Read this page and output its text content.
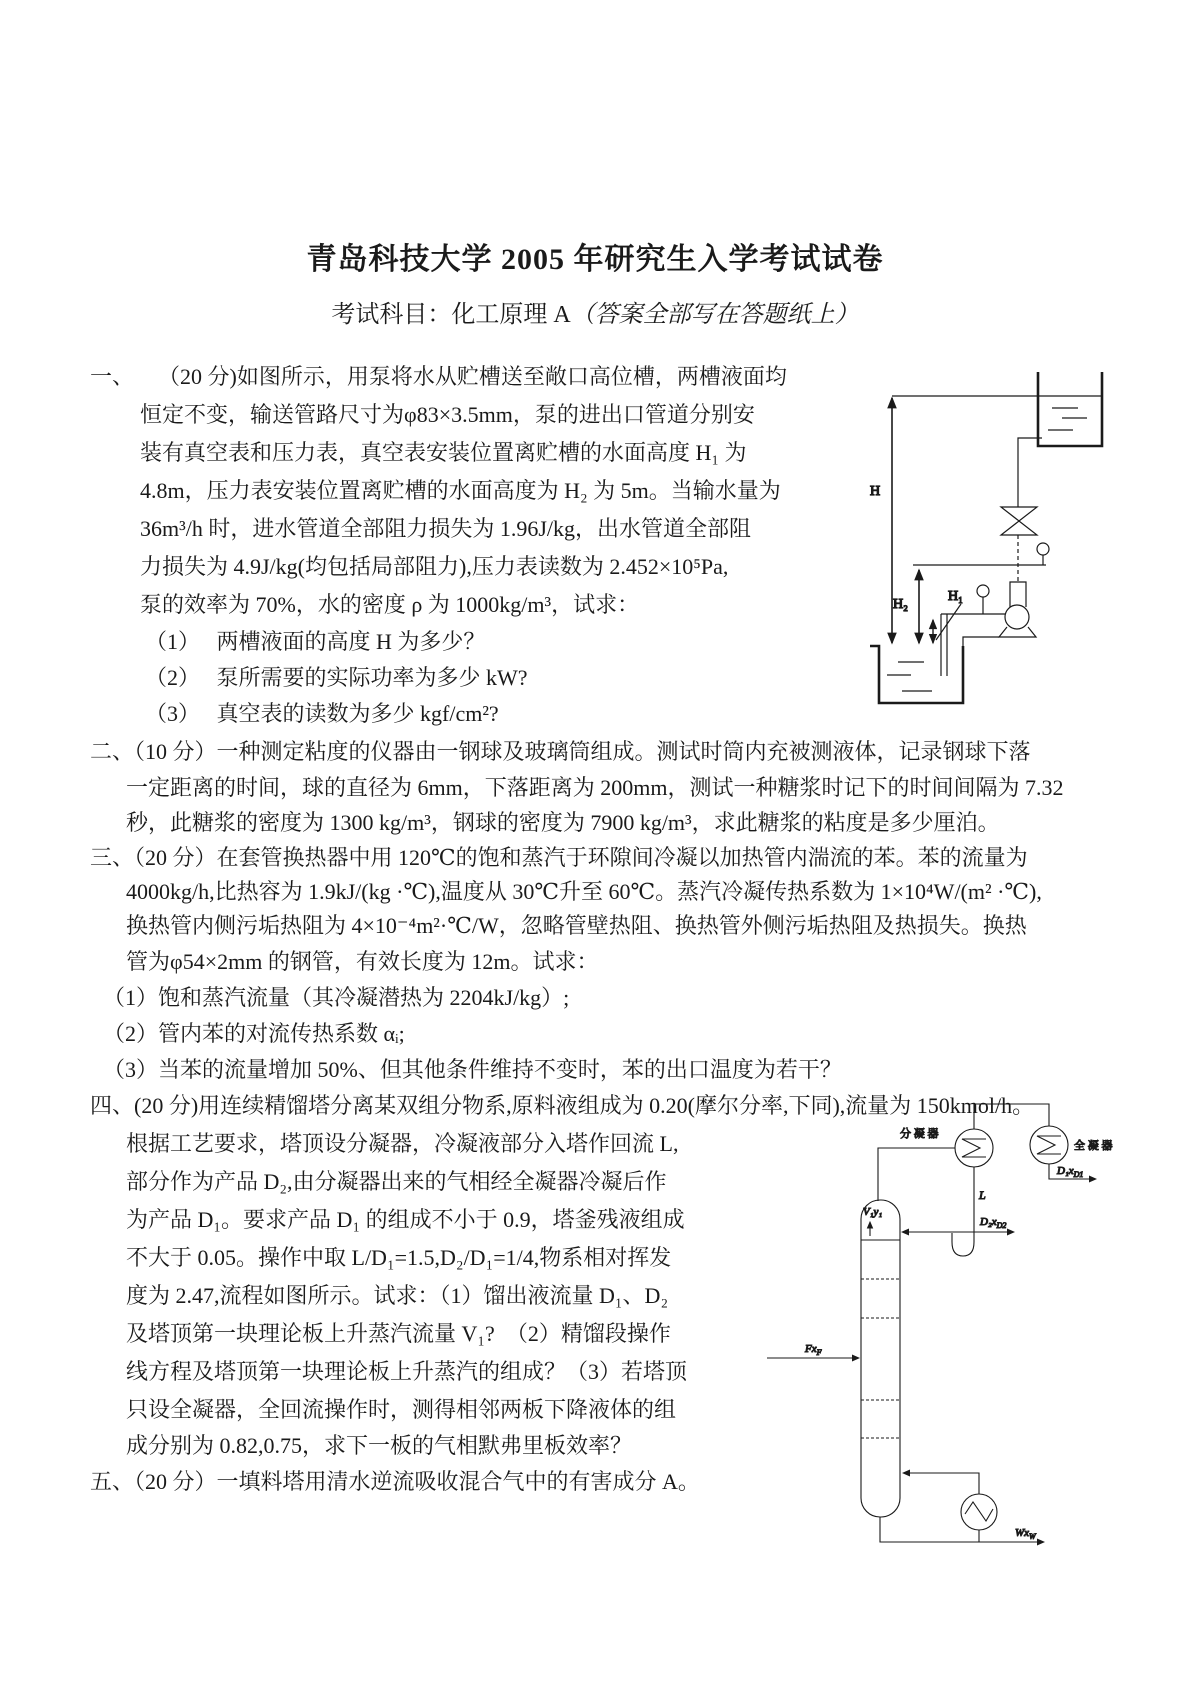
青岛科技大学 2005 年研究生入学考试试卷
考试科目：化工原理 A（答案全部写在答题纸上）
一、 （20 分)如图所示，用泵将水从贮槽送至敞口高位槽，两槽液面均
恒定不变，输送管路尺寸为φ83×3.5mm，泵的进出口管道分别安
装有真空表和压力表，真空表安装位置离贮槽的水面高度 H₁ 为
4.8m，压力表安装位置离贮槽的水面高度为 H₂ 为 5m。当输水量为
36m³/h 时，进水管道全部阻力损失为 1.96J/kg，出水管道全部阻
力损失为 4.9J/kg(均包括局部阻力),压力表读数为 2.452×10⁵Pa,
泵的效率为 70%，水的密度 ρ 为 1000kg/m³，试求：
（1）　 两槽液面的高度 H 为多少？
（2）　 泵所需要的实际功率为多少 kW?
（3）　 真空表的读数为多少 kgf/cm²?
二、（10 分）一种测定粘度的仪器由一钢球及玻璃筒组成。测试时筒内充被测液体，记录钢球下落
一定距离的时间，球的直径为 6mm，下落距离为 200mm，测试一种糖浆时记下的时间间隔为 7.32
秒，此糖浆的密度为 1300 kg/m³，钢球的密度为 7900 kg/m³，求此糖浆的粘度是多少厘泊。
三、（20 分）在套管换热器中用 120℃的饱和蒸汽于环隙间冷凝以加热管内湍流的苯。苯的流量为
4000kg/h,比热容为 1.9kJ/(kg ·℃),温度从 30℃升至 60℃。蒸汽冷凝传热系数为 1×10⁴W/(m² ·℃),
换热管内侧污垢热阻为 4×10⁻⁴m²·℃/W，忽略管壁热阻、换热管外侧污垢热阻及热损失。换热
管为φ54×2mm 的钢管，有效长度为 12m。试求：
（1）饱和蒸汽流量（其冷凝潜热为 2204kJ/kg）;
（2）管内苯的对流传热系数 αᵢ;
（3）当苯的流量增加 50%、但其他条件维持不变时，苯的出口温度为若干？
四、(20 分)用连续精馏塔分离某双组分物系,原料液组成为 0.20(摩尔分率,下同),流量为 150kmol/h。
根据工艺要求，塔顶设分凝器，冷凝液部分入塔作回流 L,
部分作为产品 D₂,由分凝器出来的气相经全凝器冷凝后作
为产品 D₁。要求产品 D₁ 的组成不小于 0.9，塔釜残液组成
不大于 0.05。操作中取 L/D₁=1.5,D₂/D₁=1/4,物系相对挥发
度为 2.47,流程如图所示。试求：（1）馏出液流量 D₁、D₂
及塔顶第一块理论板上升蒸汽流量 V₁?　（2）精馏段操作
线方程及塔顶第一块理论板上升蒸汽的组成？（3）若塔顶
只设全凝器，全回流操作时，测得相邻两板下降液体的组
成分别为 0.82,0.75，求下一板的气相默弗里板效率？
五、（20 分）一填料塔用清水逆流吸收混合气中的有害成分 A。
H
H₂
H₁
V₁y₁
分 凝 器
全 凝 器
$D_1x_{D1}$
L
$D_2x_{D2}$
$Fx_F$
$Wx_W$
